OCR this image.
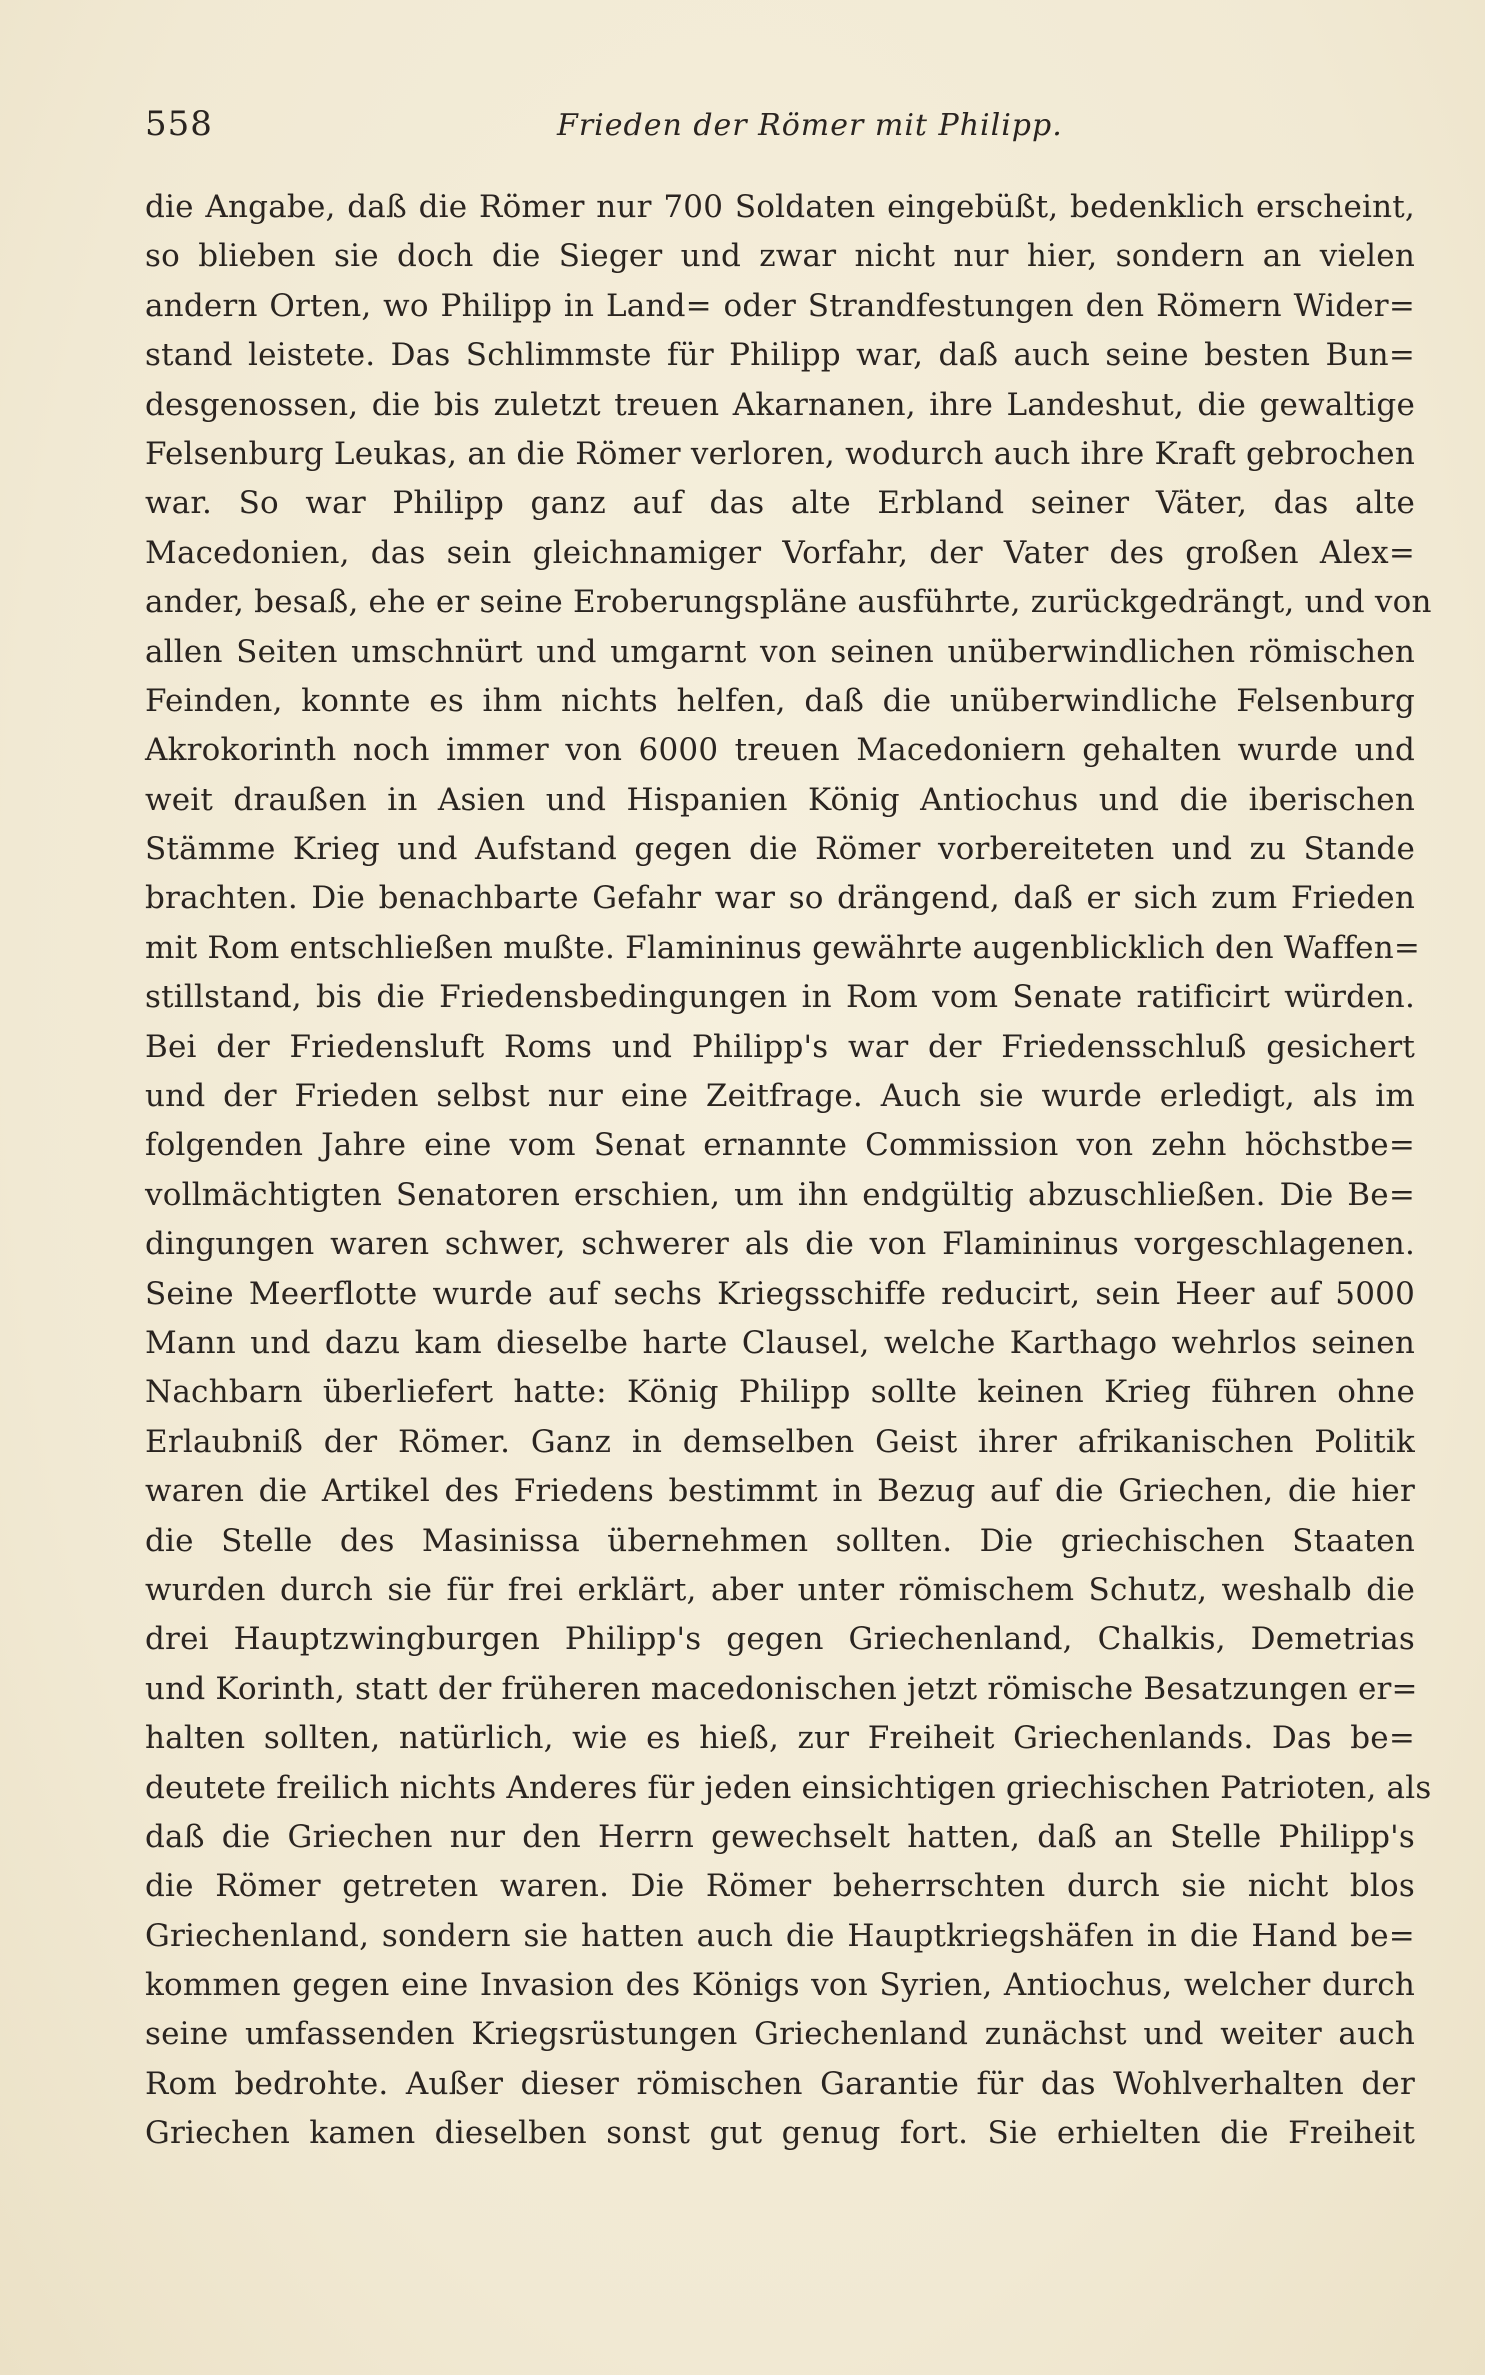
558	Frieden der Römer mit Philipp.
die Angabe, daß die Römer nur 700 Soldaten eingebüßt, bedenklich erscheint,
so blieben sie doch die Sieger und zwar nicht nur hier, sondern an vielen
andern Orten, wo Philipp in Land= oder Strandfestungen den Römern Wider=
stand leistete. Das Schlimmste für Philipp war, daß auch seine besten Bun=
desgenossen, die bis zuletzt treuen Akarnanen, ihre Landeshut, die gewaltige
Felsenburg Leukas, an die Römer verloren, wodurch auch ihre Kraft gebrochen
war. So war Philipp ganz auf das alte Erbland seiner Väter, das alte
Macedonien, das sein gleichnamiger Vorfahr, der Vater des großen Alex=
ander, besaß, ehe er seine Eroberungspläne ausführte, zurückgedrängt, und von
allen Seiten umschnürt und umgarnt von seinen unüberwindlichen römischen
Feinden, konnte es ihm nichts helfen, daß die unüberwindliche Felsenburg
Akrokorinth noch immer von 6000 treuen Macedoniern gehalten wurde und
weit draußen in Asien und Hispanien König Antiochus und die iberischen
Stämme Krieg und Aufstand gegen die Römer vorbereiteten und zu Stande
brachten. Die benachbarte Gefahr war so drängend, daß er sich zum Frieden
mit Rom entschließen mußte. Flamininus gewährte augenblicklich den Waffen=
stillstand, bis die Friedensbedingungen in Rom vom Senate ratificirt würden.
Bei der Friedensluft Roms und Philipp's war der Friedensschluß gesichert
und der Frieden selbst nur eine Zeitfrage. Auch sie wurde erledigt, als im
folgenden Jahre eine vom Senat ernannte Commission von zehn höchstbe=
vollmächtigten Senatoren erschien, um ihn endgültig abzuschließen. Die Be=
dingungen waren schwer, schwerer als die von Flamininus vorgeschlagenen.
Seine Meerflotte wurde auf sechs Kriegsschiffe reducirt, sein Heer auf 5000
Mann und dazu kam dieselbe harte Clausel, welche Karthago wehrlos seinen
Nachbarn überliefert hatte: König Philipp sollte keinen Krieg führen ohne
Erlaubniß der Römer. Ganz in demselben Geist ihrer afrikanischen Politik
waren die Artikel des Friedens bestimmt in Bezug auf die Griechen, die hier
die Stelle des Masinissa übernehmen sollten. Die griechischen Staaten
wurden durch sie für frei erklärt, aber unter römischem Schutz, weshalb die
drei Hauptzwingburgen Philipp's gegen Griechenland, Chalkis, Demetrias
und Korinth, statt der früheren macedonischen jetzt römische Besatzungen er=
halten sollten, natürlich, wie es hieß, zur Freiheit Griechenlands. Das be=
deutete freilich nichts Anderes für jeden einsichtigen griechischen Patrioten, als
daß die Griechen nur den Herrn gewechselt hatten, daß an Stelle Philipp's
die Römer getreten waren. Die Römer beherrschten durch sie nicht blos
Griechenland, sondern sie hatten auch die Hauptkriegshäfen in die Hand be=
kommen gegen eine Invasion des Königs von Syrien, Antiochus, welcher durch
seine umfassenden Kriegsrüstungen Griechenland zunächst und weiter auch
Rom bedrohte. Außer dieser römischen Garantie für das Wohlverhalten der
Griechen kamen dieselben sonst gut genug fort. Sie erhielten die Freiheit
